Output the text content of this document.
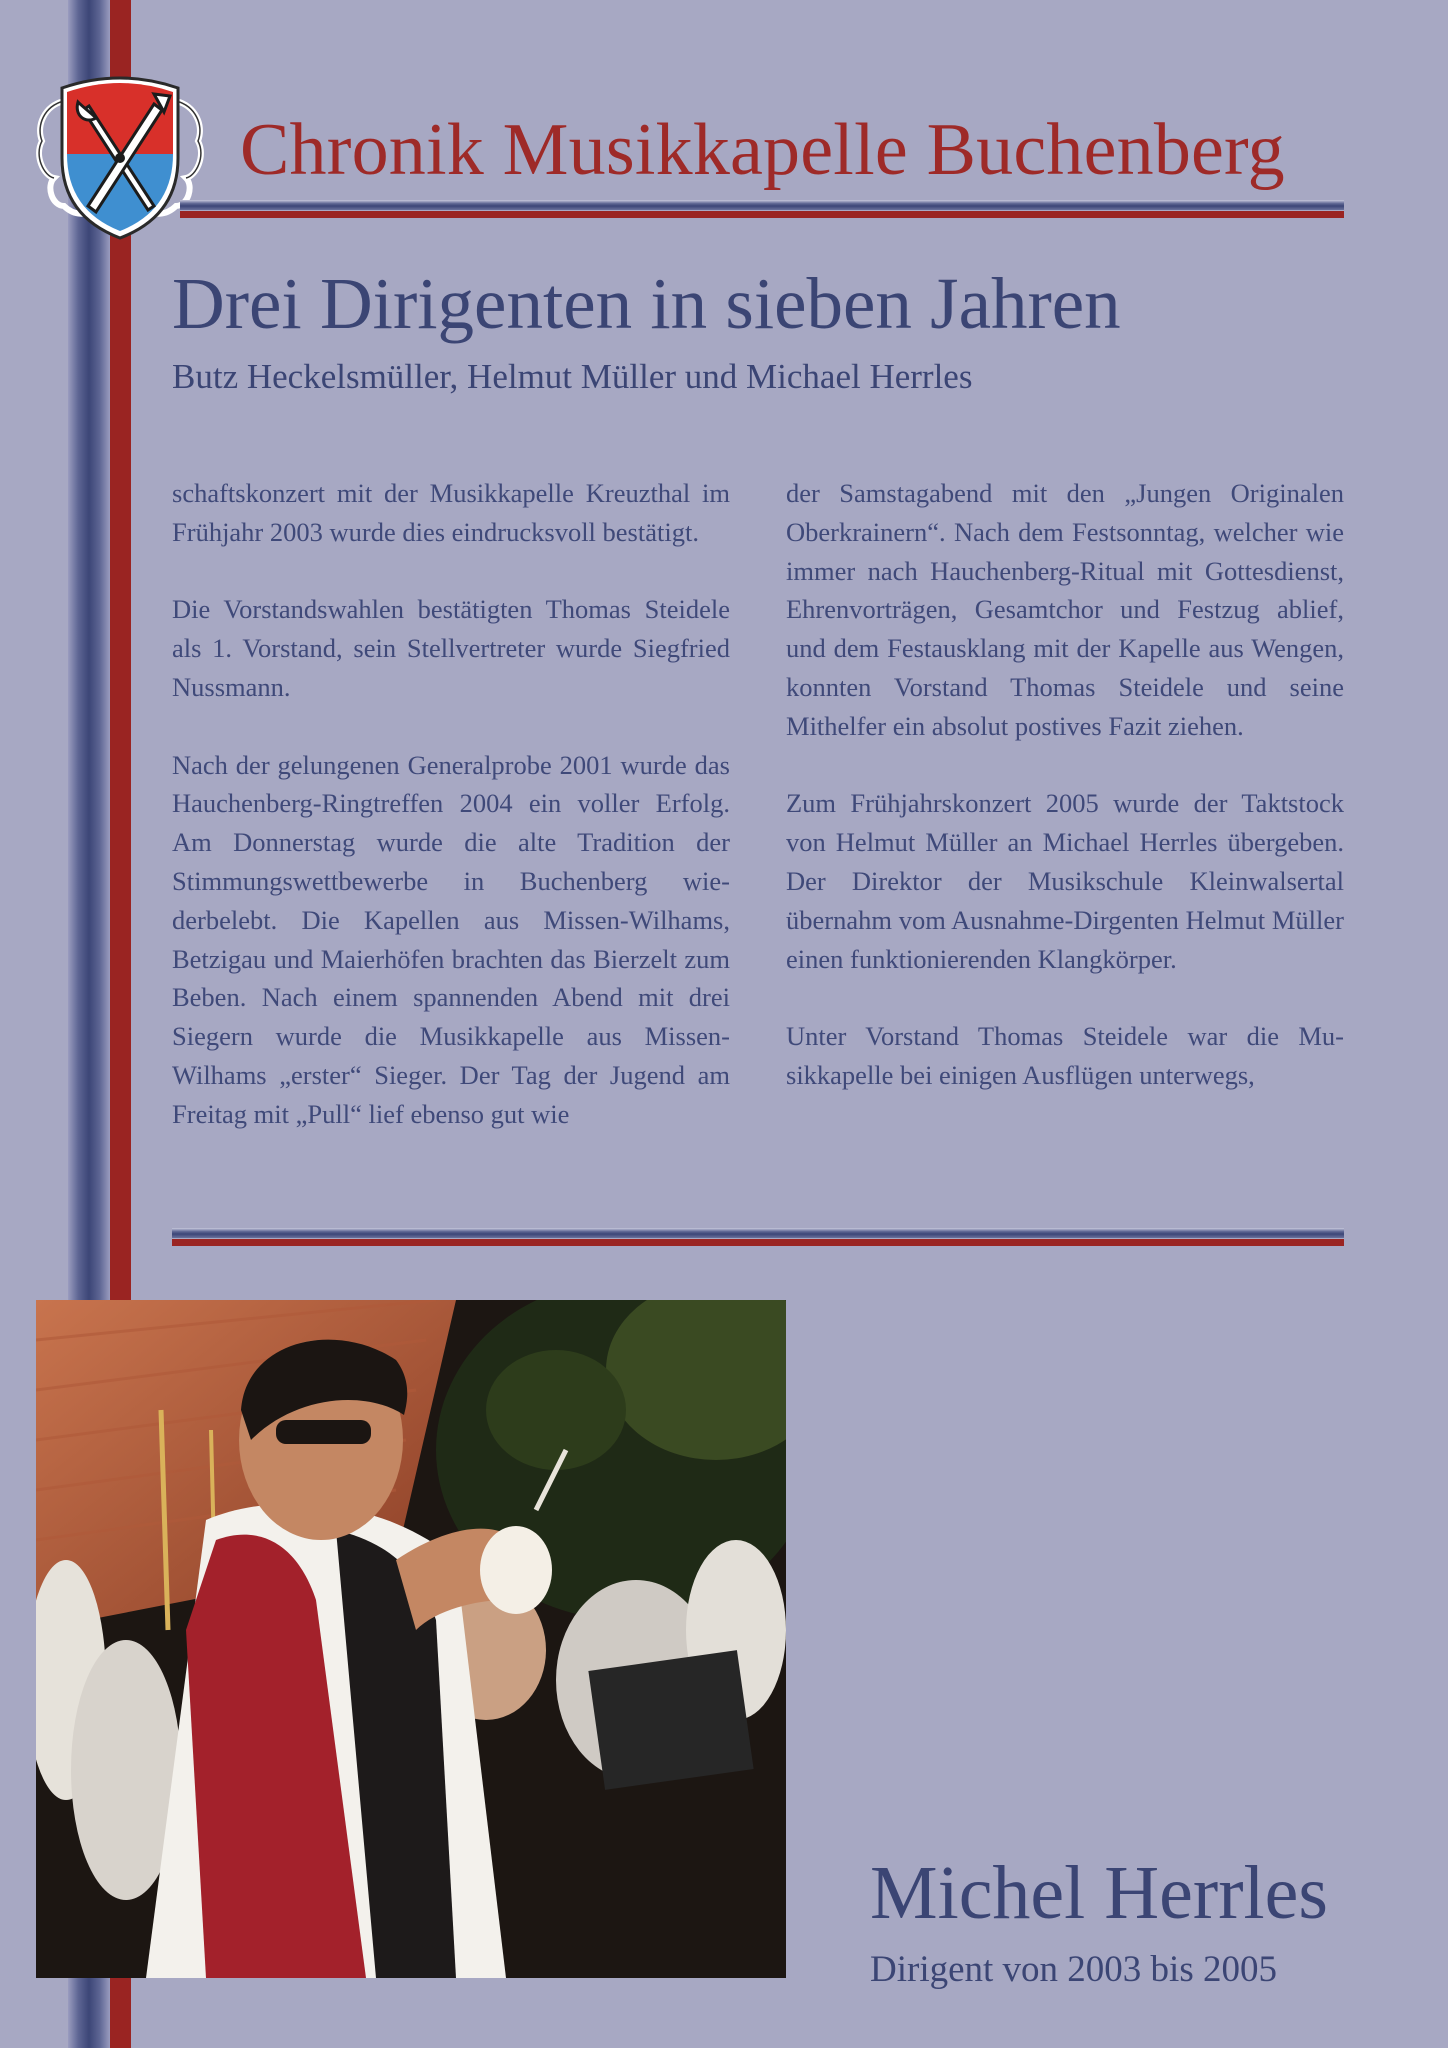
Chronik Musikkapelle Buchenberg
Drei Dirigenten in sieben Jahren
Butz Heckelsmüller, Helmut Müller und Michael Herrles

schaftskonzert mit der Musikkapelle Kreuzthal im Frühjahr 2003 wurde dies eindrucksvoll bestätigt.

Die Vorstandswahlen bestätigten Thomas Steidele als 1. Vorstand, sein Stellvertreter wurde Siegfried Nussmann.

Nach der gelungenen Generalprobe 2001 wurde das Hauchenberg-Ringtreffen 2004 ein voller Erfolg. Am Donnerstag wurde die alte Tradition der Stimmungswettbewerbe in Buchenberg wiederbelebt. Die Kapellen aus Missen-Wilhams, Betzigau und Maierhöfen brachten das Bierzelt zum Beben. Nach einem spannenden Abend mit drei Siegern wurde die Musikkapelle aus Missen-Wilhams „erster“ Sieger. Der Tag der Jugend am Freitag mit „Pull“ lief ebenso gut wie

der Samstagabend mit den „Jungen Originalen Oberkrainern“. Nach dem Festsonntag, welcher wie immer nach Hauchenberg-Ritual mit Gottesdienst, Ehrenvorträgen, Gesamtchor und Festzug ablief, und dem Festausklang mit der Kapelle aus Wengen, konnten Vorstand Thomas Steidele und seine Mithelfer ein absolut postives Fazit ziehen.

Zum Frühjahrskonzert 2005 wurde der Taktstock von Helmut Müller an Michael Herrles übergeben. Der Direktor der Musikschule Kleinwalsertal übernahm vom Ausnahme-Dirgenten Helmut Müller einen funktionierenden Klangkörper.

Unter Vorstand Thomas Steidele war die Musikkapelle bei einigen Ausflügen unterwegs,

Michel Herrles
Dirigent von 2003 bis 2005
